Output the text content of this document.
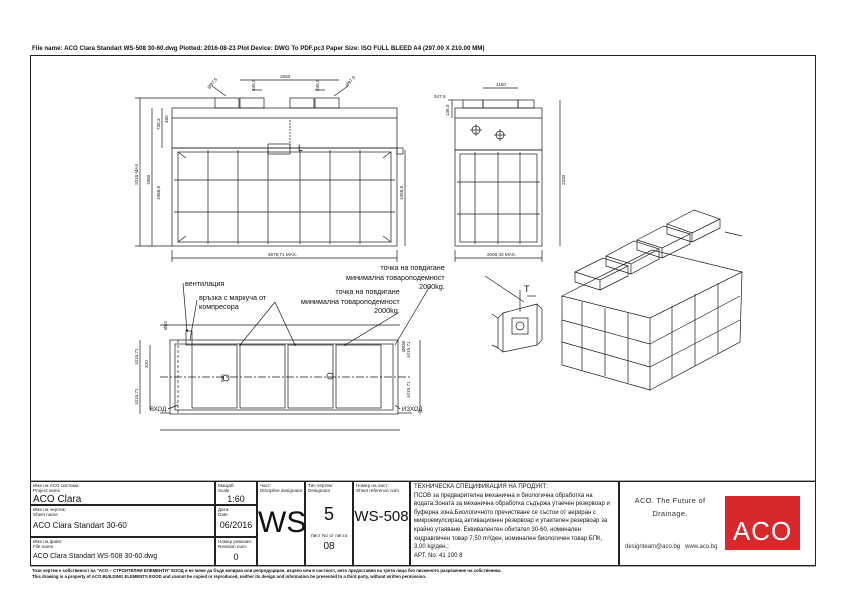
File name: ACO Clara Standart WS-508 30-60.dwg Plotted: 2016-08-23 Plot Device: DWG To PDF.pc3 Paper Size: ISO FULL BLEED A4 (297.00 X 210.00 MM)
4679,71 MAX.
2018 MAX. 1980
1968,8
738,3 480
1058,8
2650
345,5	345,5
Ø97,5	Ø97,5
2000,43 MAX.
1150
2330
347,5
136,5
1015,71
1015,71
1015,71
1015,71
Ø63
Ø630
320
530
L
T
вентилация
връзка с маркуча от
компресора
точка на повдигане
минимална товароподемност
2000kg.
точка на повдигане
минимална товароподемност
2000kg.
ВХОД	ИЗХОД
Име на ACO система:
Project name
ACO Clara
Име на чертеж:
Sheet name
ACO Clara Standart 30-60
Име на файл:
File name
ACO Clara Standart WS-508 30-60.dwg
Мащаб:
Scale
1:60
Дата:
Date
06/2016
Номер ревизия:
Revision num.
0
Част:
Discipline designator
WS
Тип чертеж:
Designator
5
Лист No от листа
08
Номер на лист:
Sheet reference num.
WS-508
ТЕХНИЧЕСКА СПЕЦИФИКАЦИЯ НА ПРОДУКТ:
ПСОВ за предварителна механична и биологична обработка на
водата.Зоната за механична обработка съдържа утаечен резервоар и
буферна зона.Биологичното пречистване се състои от аериран с
микроемулсиращ активационен резервоар и утаителен резервоар за
крайно утаяване. Еквивалентен обитател 30-60, номинален
хидравличен товар 7,50 m³/ден, номинален биологичен товар БПК,
3,00 kg/ден.;
АРТ. No: 41 100 8
ACO. The Future of
Drainage.
ACO
designteam@aco.bg   www.aco.bg
Този чертеж е собственост на "ACO – СТРОИТЕЛНИ ЕЛЕМЕНТИ" ЕООД и не може да бъде копиран или репродуциран, изцяло или в частност, нито предоставян на трети лица без писменото разрешение на собственика.
This drawing is a property of ACO BUILDING ELEMENTS EOOD and cannot be copied or reproduced, neither its design and information be presented to a third party, without written permission.
